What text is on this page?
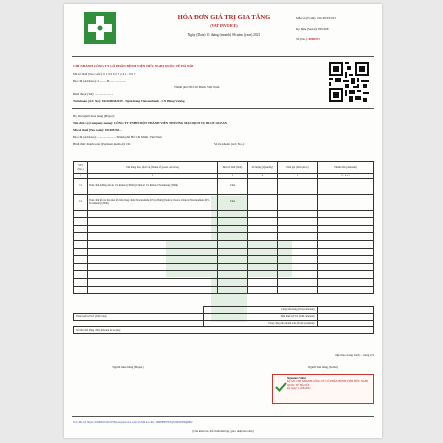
HÓA ĐƠN GIÁ TRỊ GIA TĂNG
(VAT INVOICE)
Ngày (Date) 11 tháng (month) 06 năm (year) 2021
Mẫu số (Form): 01GTKT0/001
Ký hiệu (Serial): HN/20E
Số (No.): 0000371
CHI NHÁNH CÔNG TY CỔ PHẦN BỆNH VIỆN HỮU NGHỊ QUỐC TẾ HÀ NỘI
Mã số thuế (Tax code): 0 1 0 6 0 2 7 2 4 1 - 0 0 7
Địa chỉ (Address): 2 ........ Đ....... .............
Thành phố Hồ Chí Minh, Việt Nam
Điện thoại (Tel): .......................
Tài khoản (A/C No): 0421000502439 - Ngân hàng Vietcombank - CN Hùng Vương
Họ tên người mua hàng (Buyer):
Tên đơn vị (Company name): CÔNG TY TNHH MỘT THÀNH VIÊN THƯƠNG MẠI DỊCH VỤ BLUE OCEAN
Mã số thuế (Tax code): 031685765...
Địa chỉ (Address): ....................... Thành phố Hồ Chí Minh, Việt Nam
Hình thức thanh toán (Payment method): CK	Số tài khoản (A/C No.):
STT (No.)	Tên hàng hóa, dịch vụ (Name of goods, services)	Đơn vị tính (Unit)	Số lượng (Quantity)	Đơn giá (Unit price)	Thành tiền (Amount)
1	2	3	4	5	6 = 4 x 5
11	Tinh chất dưỡng ẩm da 1% Retinol (30ml) (Clinical 1% Retinol Treatment) (30ml)	Chai			
12	Tinh chất hỗ trợ thu nhỏ lỗ chân lông chứa Niacinamide 20% (20ml) (Paula's Choice Clinical Niacinamide 20% Treatment) (20ml)	Chai			

	Cộng tiền hàng (Total amount):	
Thuế suất GTGT (VAT rate):	Tiền thuế GTGT (VAT amount):	
	Tổng cộng tiền thanh toán (Total payment):	
Số tiền viết bằng chữ (Amount in words):		
tiếp theo trang trước - trang 2/2
Người mua hàng (Buyer)	Người bán hàng (Seller)
Signature Valid
Ký bởi: CHI NHÁNH CÔNG TY CỔ PHẦN BỆNH VIỆN HỮU NGHỊ QUỐC TẾ HÀ NỘI
Ký ngày: 11/06/2021
Tra cứu tại: https://0106027241007hd.easyinvoice.com.vn Mã tra cứu: 1H0NHĐ7E5QW600OHQ9862
(Cần kiểm tra, đối chiếu khi lập, giao, nhận hóa đơn)
